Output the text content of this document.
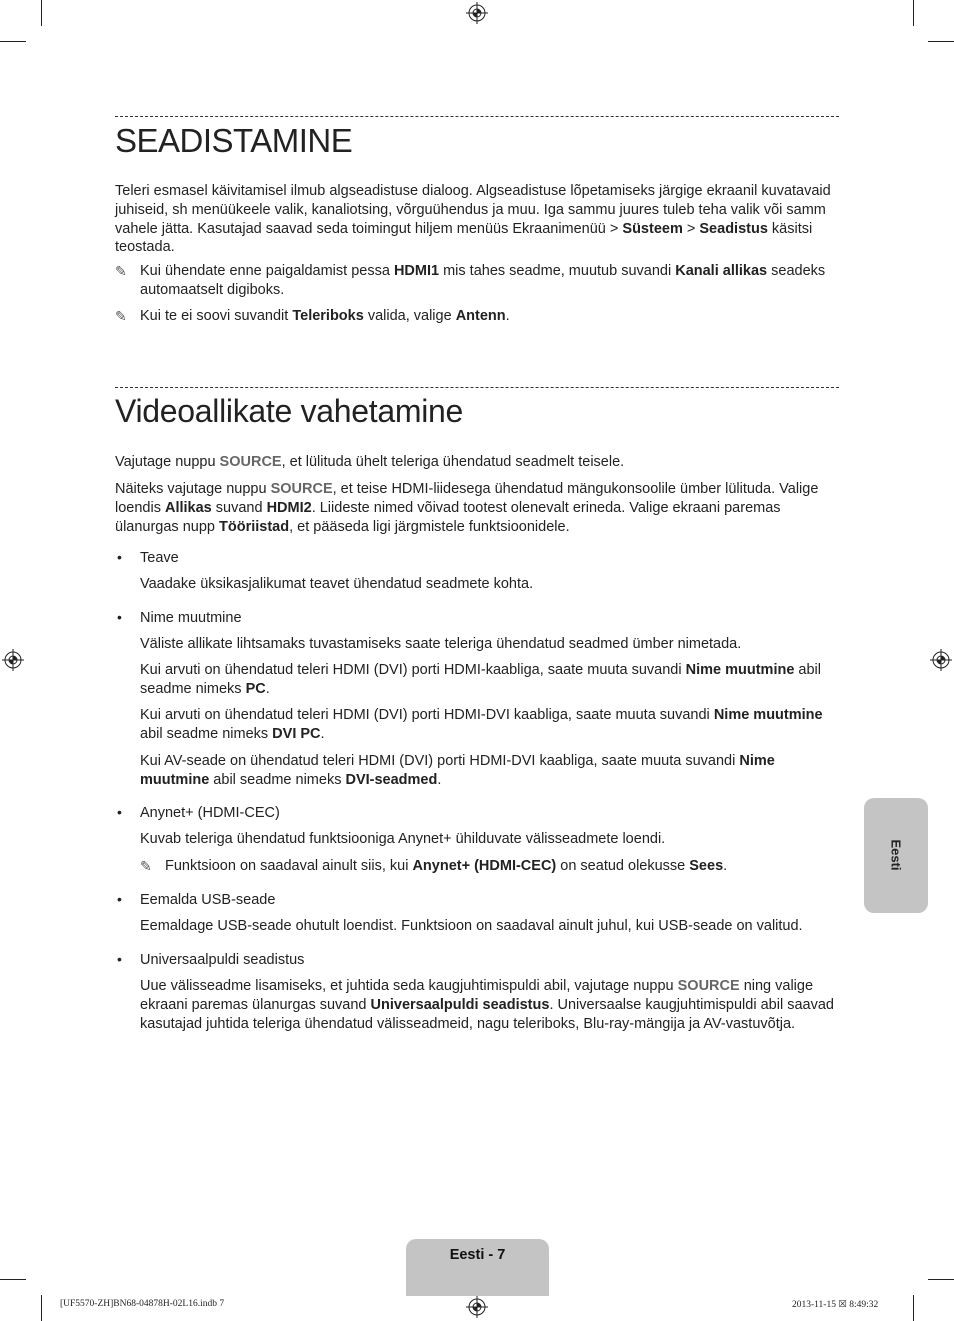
SEADISTAMINE

Teleri esmasel käivitamisel ilmub algseadistuse dialoog. Algseadistuse lõpetamiseks järgige ekraanil kuvatavaid juhiseid, sh menüükeele valik, kanaliotsing, võrguühendus ja muu. Iga sammu juures tuleb teha valik või samm vahele jätta. Kasutajad saavad seda toimingut hiljem menüüs Ekraanimenüü > Süsteem > Seadistus käsitsi teostada.

✎ Kui ühendate enne paigaldamist pessa HDMI1 mis tahes seadme, muutub suvandi Kanali allikas seadeks automaatselt digiboks.

✎ Kui te ei soovi suvandit Teleriboks valida, valige Antenn.

Videoallikate vahetamine

Vajutage nuppu SOURCE, et lülituda ühelt teleriga ühendatud seadmelt teisele.

Näiteks vajutage nuppu SOURCE, et teise HDMI-liidesega ühendatud mängukonsoolile ümber lülituda. Valige loendis Allikas suvand HDMI2. Liidestе nimed võivad tootest olenevalt erineda. Valige ekraani paremas ülanurgas nupp Tööriistad, et pääseda ligi järgmistele funktsioonidele.

• Teave

Vaadake üksikasjalikumat teavet ühendatud seadmete kohta.

• Nime muutmine

Väliste allikate lihtsamaks tuvastamiseks saate teleriga ühendatud seadmed ümber nimetada.

Kui arvuti on ühendatud teleri HDMI (DVI) porti HDMI-kaabliga, saate muuta suvandi Nime muutmine abil seadme nimeks PC.

Kui arvuti on ühendatud teleri HDMI (DVI) porti HDMI-DVI kaabliga, saate muuta suvandi Nime muutmine abil seadme nimeks DVI PC.

Kui AV-seade on ühendatud teleri HDMI (DVI) porti HDMI-DVI kaabliga, saate muuta suvandi Nime muutmine abil seadme nimeks DVI-seadmed.

• Anynet+ (HDMI-CEC)

Kuvab teleriga ühendatud funktsiooniga Anynet+ ühilduvate välisseadmete loendi.

✎ Funktsioon on saadaval ainult siis, kui Anynet+ (HDMI-CEC) on seatud olekusse Sees.

• Eemalda USB-seade

Eemaldage USB-seade ohutult loendist. Funktsioon on saadaval ainult juhul, kui USB-seade on valitud.

• Universaalpuldi seadistus

Uue välisseadme lisamiseks, et juhtida seda kaugjuhtimispuldi abil, vajutage nuppu SOURCE ning valige ekraani paremas ülanurgas suvand Universaalpuldi seadistus. Universaalse kaugjuhtimispuldi abil saavad kasutajad juhtida teleriga ühendatud välisseadmeid, nagu teleriboks, Blu-ray-mängija ja AV-vastuvõtja.

Eesti
Eesti - 7
[UF5570-ZH]BN68-04878H-02L16.indb 7	2013-11-15 ☒ 8:49:32
